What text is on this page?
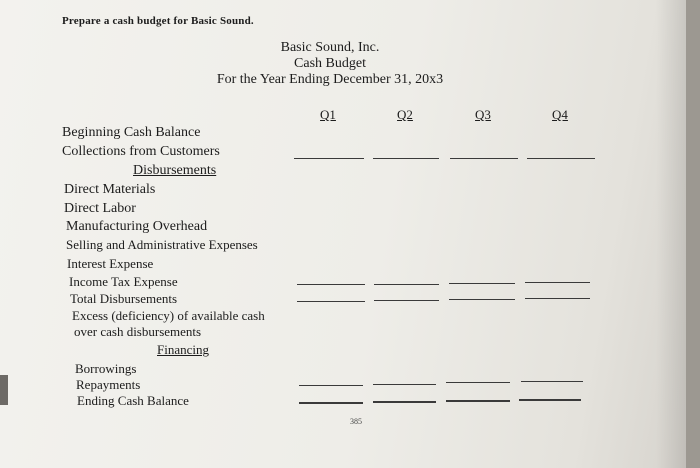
Prepare a cash budget for Basic Sound.
Basic Sound, Inc.
Cash Budget
For the Year Ending December 31, 20x3
Q1	Q2	Q3	Q4
Beginning Cash Balance
Collections from Customers
Disbursements
Direct Materials
Direct Labor
Manufacturing Overhead
Selling and Administrative Expenses
Interest Expense
Income Tax Expense
Total Disbursements
Excess (deficiency) of available cash
over cash disbursements
Financing
Borrowings
Repayments
Ending Cash Balance
385
